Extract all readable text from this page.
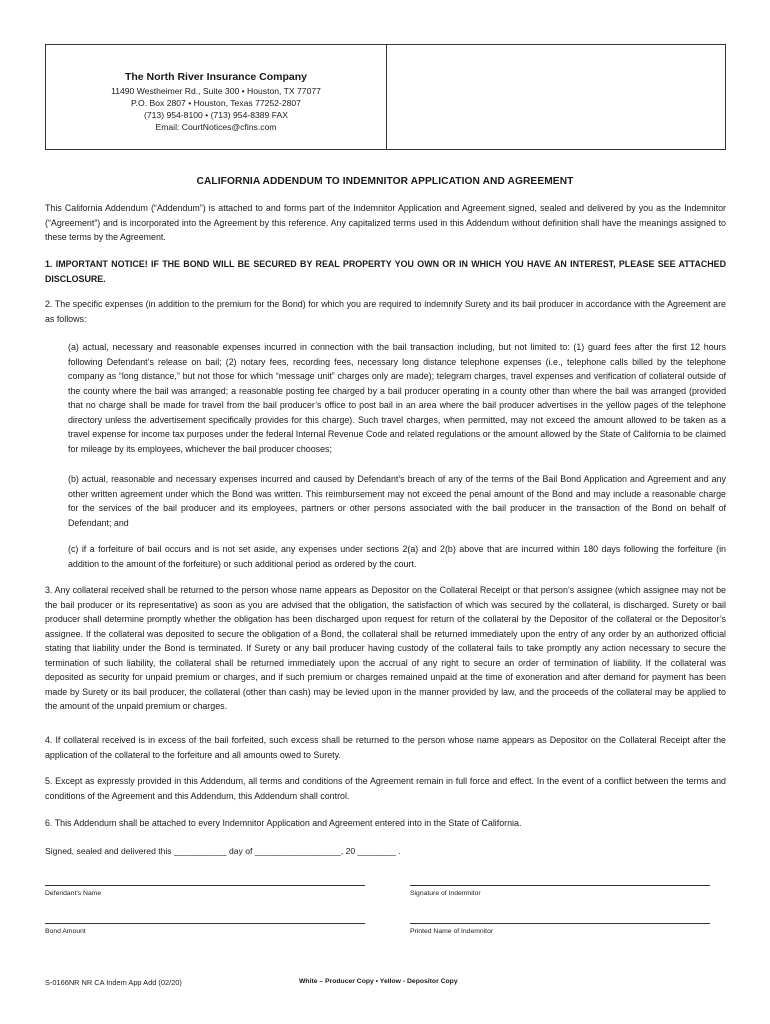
The North River Insurance Company
11490 Westheimer Rd., Suite 300 • Houston, TX 77077
P.O. Box 2807 • Houston, Texas 77252-2807
(713) 954-8100 • (713) 954-8389 FAX
Email: CourtNotices@cfins.com
CALIFORNIA ADDENDUM TO INDEMNITOR APPLICATION AND AGREEMENT
This California Addendum (“Addendum”) is attached to and forms part of the Indemnitor Application and Agreement signed, sealed and delivered by you as the Indemnitor (“Agreement”) and is incorporated into the Agreement by this reference. Any capitalized terms used in this Addendum without definition shall have the meanings assigned to these terms by the Agreement.
1. IMPORTANT NOTICE! IF THE BOND WILL BE SECURED BY REAL PROPERTY YOU OWN OR IN WHICH YOU HAVE AN INTEREST, PLEASE SEE ATTACHED DISCLOSURE.
2. The specific expenses (in addition to the premium for the Bond) for which you are required to indemnify Surety and its bail producer in accordance with the Agreement are as follows:
(a) actual, necessary and reasonable expenses incurred in connection with the bail transaction including, but not limited to: (1) guard fees after the first 12 hours following Defendant’s release on bail; (2) notary fees, recording fees, necessary long distance telephone expenses (i.e., telephone calls billed by the telephone company as “long distance,” but not those for which “message unit” charges only are made); telegram charges, travel expenses and verification of collateral outside of the county where the bail was arranged; a reasonable posting fee charged by a bail producer operating in a county other than where the bail was arranged (provided that no charge shall be made for travel from the bail producer’s office to post bail in an area where the bail producer advertises in the yellow pages of the telephone directory unless the advertisement specifically provides for this charge). Such travel charges, when permitted, may not exceed the amount allowed to be taken as a travel expense for income tax purposes under the federal Internal Revenue Code and related regulations or the amount allowed by the State of California to be claimed for mileage by its employees, whichever the bail producer chooses;
(b) actual, reasonable and necessary expenses incurred and caused by Defendant’s breach of any of the terms of the Bail Bond Application and Agreement and any other written agreement under which the Bond was written. This reimbursement may not exceed the penal amount of the Bond and may include a reasonable charge for the services of the bail producer and its employees, partners or other persons associated with the bail producer in the transaction of the Bond on behalf of Defendant; and
(c) if a forfeiture of bail occurs and is not set aside, any expenses under sections 2(a) and 2(b) above that are incurred within 180 days following the forfeiture (in addition to the amount of the forfeiture) or such additional period as ordered by the court.
3. Any collateral received shall be returned to the person whose name appears as Depositor on the Collateral Receipt or that person’s assignee (which assignee may not be the bail producer or its representative) as soon as you are advised that the obligation, the satisfaction of which was secured by the collateral, is discharged. Surety or bail producer shall determine promptly whether the obligation has been discharged upon request for return of the collateral by the Depositor of the collateral or the Depositor’s assignee. If the collateral was deposited to secure the obligation of a Bond, the collateral shall be returned immediately upon the entry of any order by an authorized official stating that liability under the Bond is terminated. If Surety or any bail producer having custody of the collateral fails to take promptly any action necessary to secure the termination of such liability, the collateral shall be returned immediately upon the accrual of any right to secure an order of termination of liability. If the collateral was deposited as security for unpaid premium or charges, and if such premium or charges remained unpaid at the time of exoneration and after demand for payment has been made by Surety or its bail producer, the collateral (other than cash) may be levied upon in the manner provided by law, and the proceeds of the collateral may be applied to the amount of the unpaid premium or charges.
4. If collateral received is in excess of the bail forfeited, such excess shall be returned to the person whose name appears as Depositor on the Collateral Receipt after the application of the collateral to the forfeiture and all amounts owed to Surety.
5. Except as expressly provided in this Addendum, all terms and conditions of the Agreement remain in full force and effect. In the event of a conflict between the terms and conditions of the Agreement and this Addendum, this Addendum shall control.
6. This Addendum shall be attached to every Indemnitor Application and Agreement entered into in the State of California.
Signed, sealed and delivered this ___________ day of __________________, 20 ________ .
Defendant’s Name	Signature of Indemnitor
Bond Amount	Printed Name of Indemnitor
S-0166NR NR CA Indem App Add (02/20)	White – Producer Copy • Yellow - Depositor Copy
